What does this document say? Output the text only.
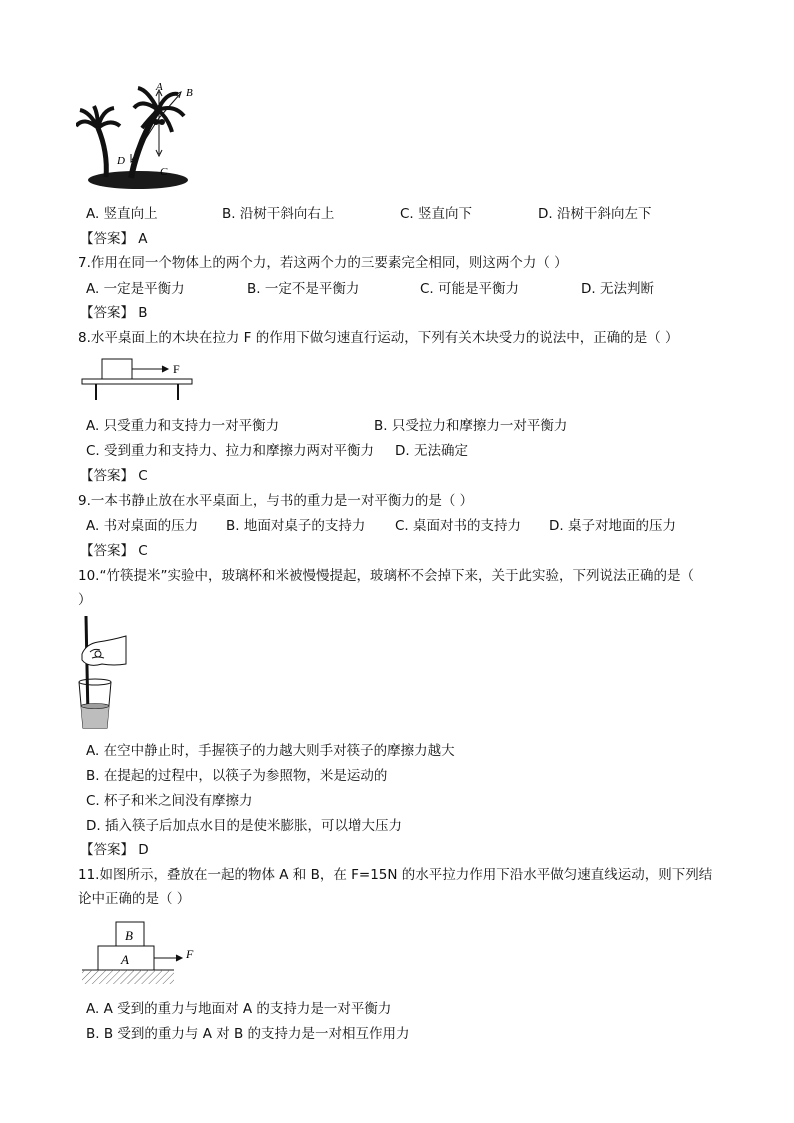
A B
C
D
A. 竖直向上	B. 沿树干斜向右上	C. 竖直向下	D. 沿树干斜向左下
【答案】 A
7.作用在同一个物体上的两个力，若这两个力的三要素完全相同，则这两个力（ ）
A. 一定是平衡力	B. 一定不是平衡力	C. 可能是平衡力	D. 无法判断
【答案】 B
8.水平桌面上的木块在拉力 F 的作用下做匀速直行运动，下列有关木块受力的说法中，正确的是（ ）
F
A. 只受重力和支持力一对平衡力	B. 只受拉力和摩擦力一对平衡力
C. 受到重力和支持力、拉力和摩擦力两对平衡力 D. 无法确定
【答案】 C
9.一本书静止放在水平桌面上，与书的重力是一对平衡力的是（ ）
A. 书对桌面的压力 B. 地面对桌子的支持力 C. 桌面对书的支持力 D. 桌子对地面的压力
【答案】 C
10.“竹筷提米”实验中，玻璃杯和米被慢慢提起，玻璃杯不会掉下来，关于此实验，下列说法正确的是（
）
A. 在空中静止时，手握筷子的力越大则手对筷子的摩擦力越大
B. 在提起的过程中，以筷子为参照物，米是运动的
C. 杯子和米之间没有摩擦力
D. 插入筷子后加点水目的是使米膨胀，可以增大压力
【答案】 D
11.如图所示，叠放在一起的物体 A 和 B，在 F=15N 的水平拉力作用下沿水平做匀速直线运动，则下列结
论中正确的是（ ）
B
A	F
A. A 受到的重力与地面对 A 的支持力是一对平衡力
B. B 受到的重力与 A 对 B 的支持力是一对相互作用力
